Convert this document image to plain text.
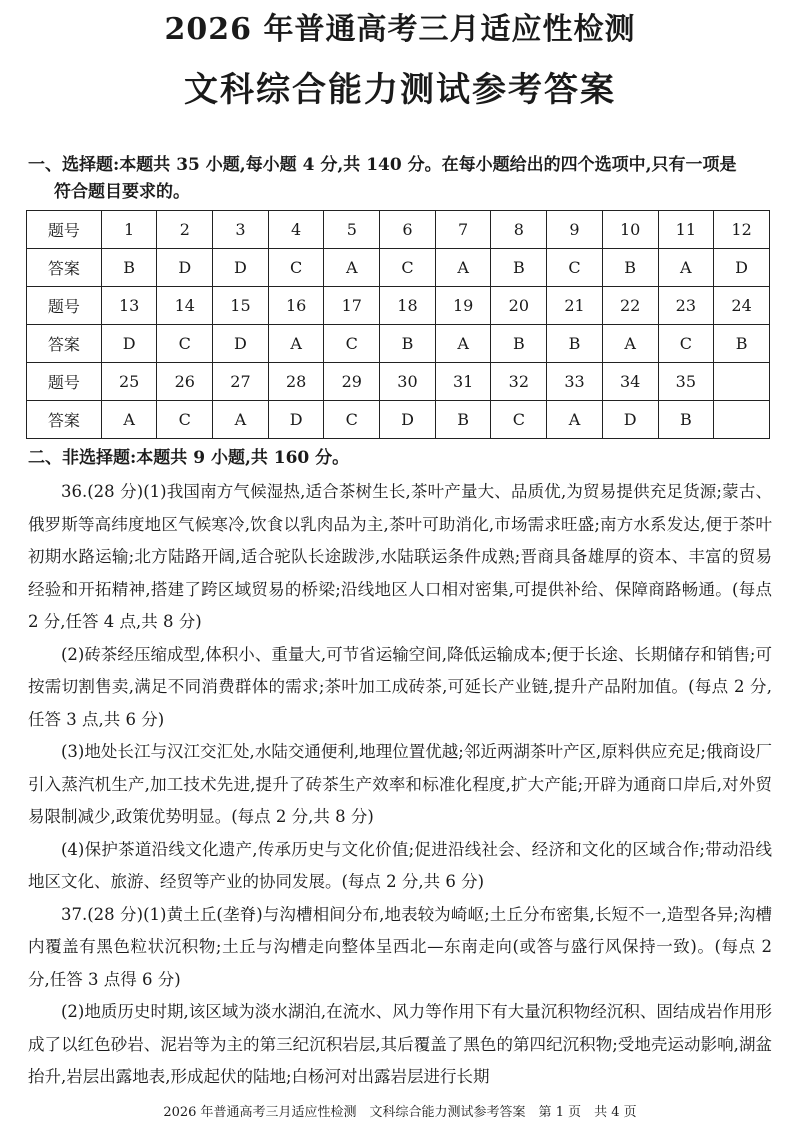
2026 年普通高考三月适应性检测
文科综合能力测试参考答案
一、选择题:本题共 35 小题,每小题 4 分,共 140 分。在每小题给出的四个选项中,只有一项是
符合题目要求的。
题号	1	2	3	4	5	6	7	8	9	10	11	12
答案	B	D	D	C	A	C	A	B	C	B	A	D
题号	13	14	15	16	17	18	19	20	21	22	23	24
答案	D	C	D	A	C	B	A	B	B	A	C	B
题号	25	26	27	28	29	30	31	32	33	34	35	
答案	A	C	A	D	C	D	B	C	A	D	B	
二、非选择题:本题共 9 小题,共 160 分。

36.(28 分)(1)我国南方气候湿热,适合茶树生长,茶叶产量大、品质优,为贸易提供充足货源;蒙古、俄罗斯等高纬度地区气候寒冷,饮食以乳肉品为主,茶叶可助消化,市场需求旺盛;南方水系发达,便于茶叶初期水路运输;北方陆路开阔,适合驼队长途跋涉,水陆联运条件成熟;晋商具备雄厚的资本、丰富的贸易经验和开拓精神,搭建了跨区域贸易的桥梁;沿线地区人口相对密集,可提供补给、保障商路畅通。(每点 2 分,任答 4 点,共 8 分)

(2)砖茶经压缩成型,体积小、重量大,可节省运输空间,降低运输成本;便于长途、长期储存和销售;可按需切割售卖,满足不同消费群体的需求;茶叶加工成砖茶,可延长产业链,提升产品附加值。(每点 2 分,任答 3 点,共 6 分)

(3)地处长江与汉江交汇处,水陆交通便利,地理位置优越;邻近两湖茶叶产区,原料供应充足;俄商设厂引入蒸汽机生产,加工技术先进,提升了砖茶生产效率和标准化程度,扩大产能;开辟为通商口岸后,对外贸易限制减少,政策优势明显。(每点 2 分,共 8 分)

(4)保护茶道沿线文化遗产,传承历史与文化价值;促进沿线社会、经济和文化的区域合作;带动沿线地区文化、旅游、经贸等产业的协同发展。(每点 2 分,共 6 分)

37.(28 分)(1)黄土丘(垄脊)与沟槽相间分布,地表较为崎岖;土丘分布密集,长短不一,造型各异;沟槽内覆盖有黑色粒状沉积物;土丘与沟槽走向整体呈西北—东南走向(或答与盛行风保持一致)。(每点 2 分,任答 3 点得 6 分)

(2)地质历史时期,该区域为淡水湖泊,在流水、风力等作用下有大量沉积物经沉积、固结成岩作用形成了以红色砂岩、泥岩等为主的第三纪沉积岩层,其后覆盖了黑色的第四纪沉积物;受地壳运动影响,湖盆抬升,岩层出露地表,形成起伏的陆地;白杨河对出露岩层进行长期

2026 年普通高考三月适应性检测　文科综合能力测试参考答案　第 1 页　共 4 页
